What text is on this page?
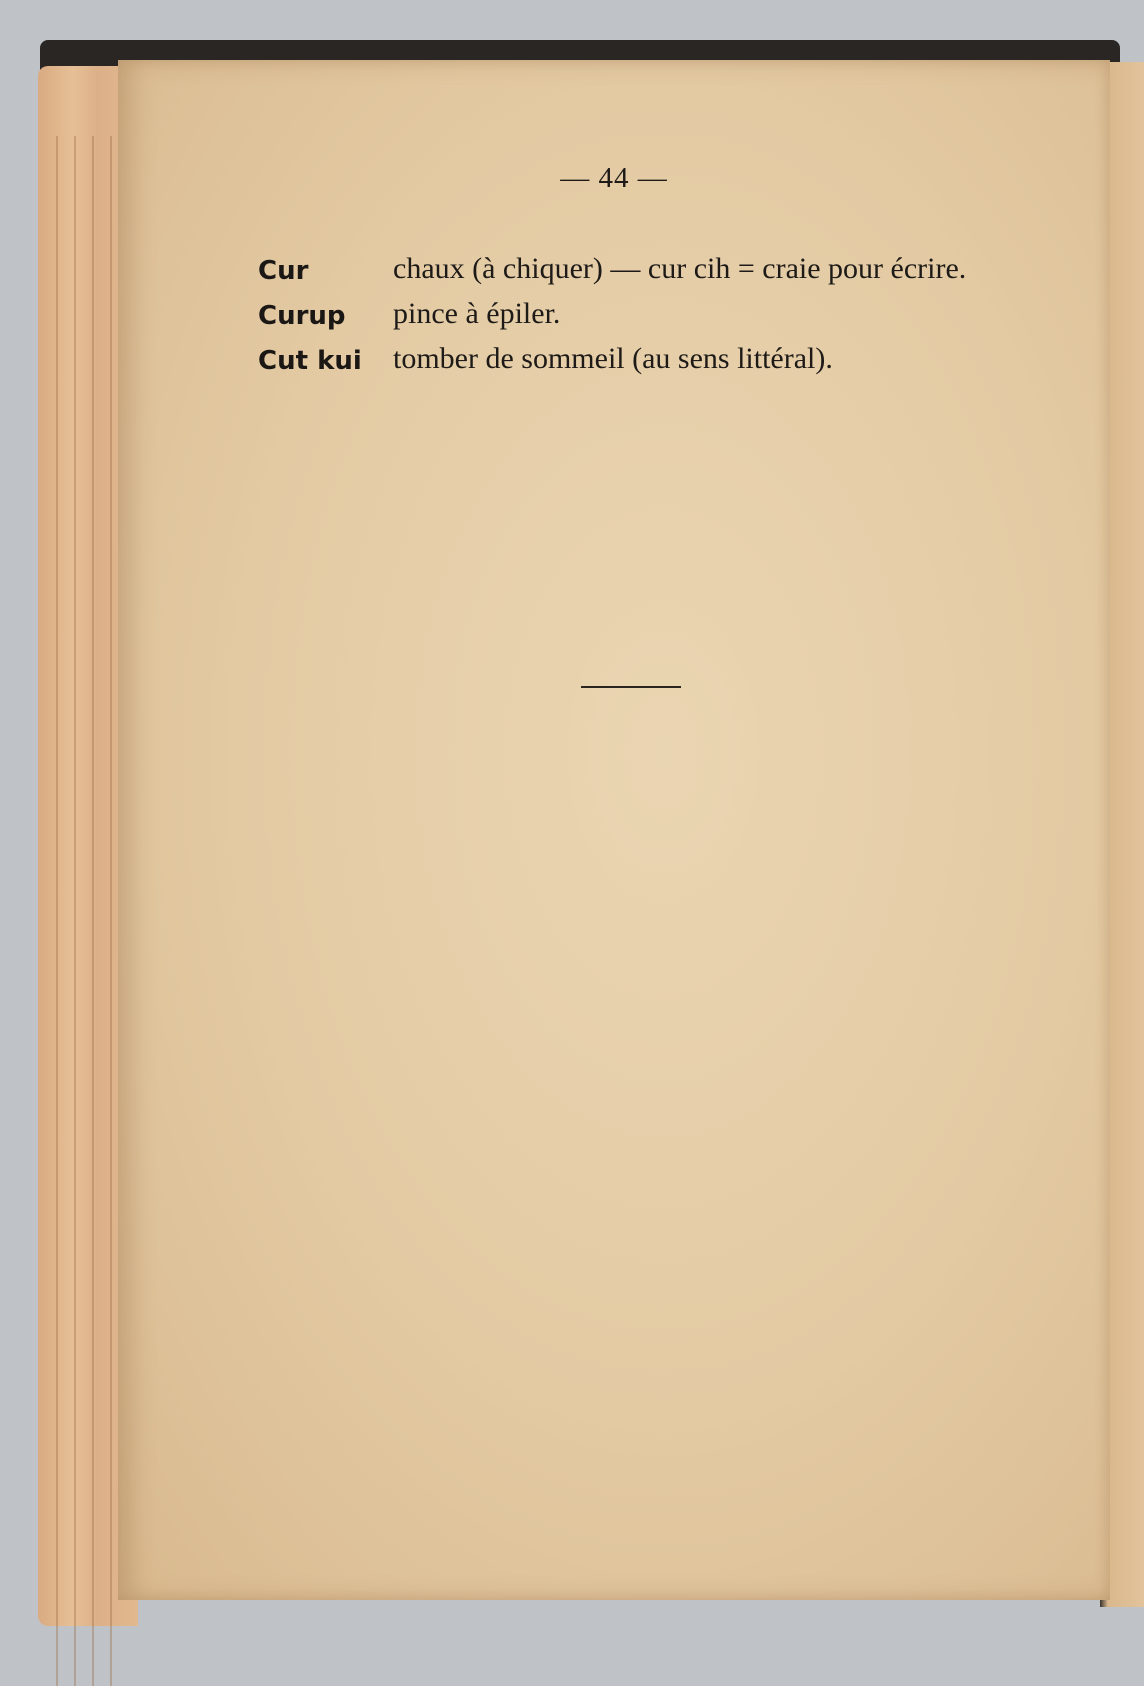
— 44 —
Cur	chaux (à chiquer) — cur cih = craie pour écrire.
Curup	pince à épiler.
Cut kui	tomber de sommeil (au sens littéral).
